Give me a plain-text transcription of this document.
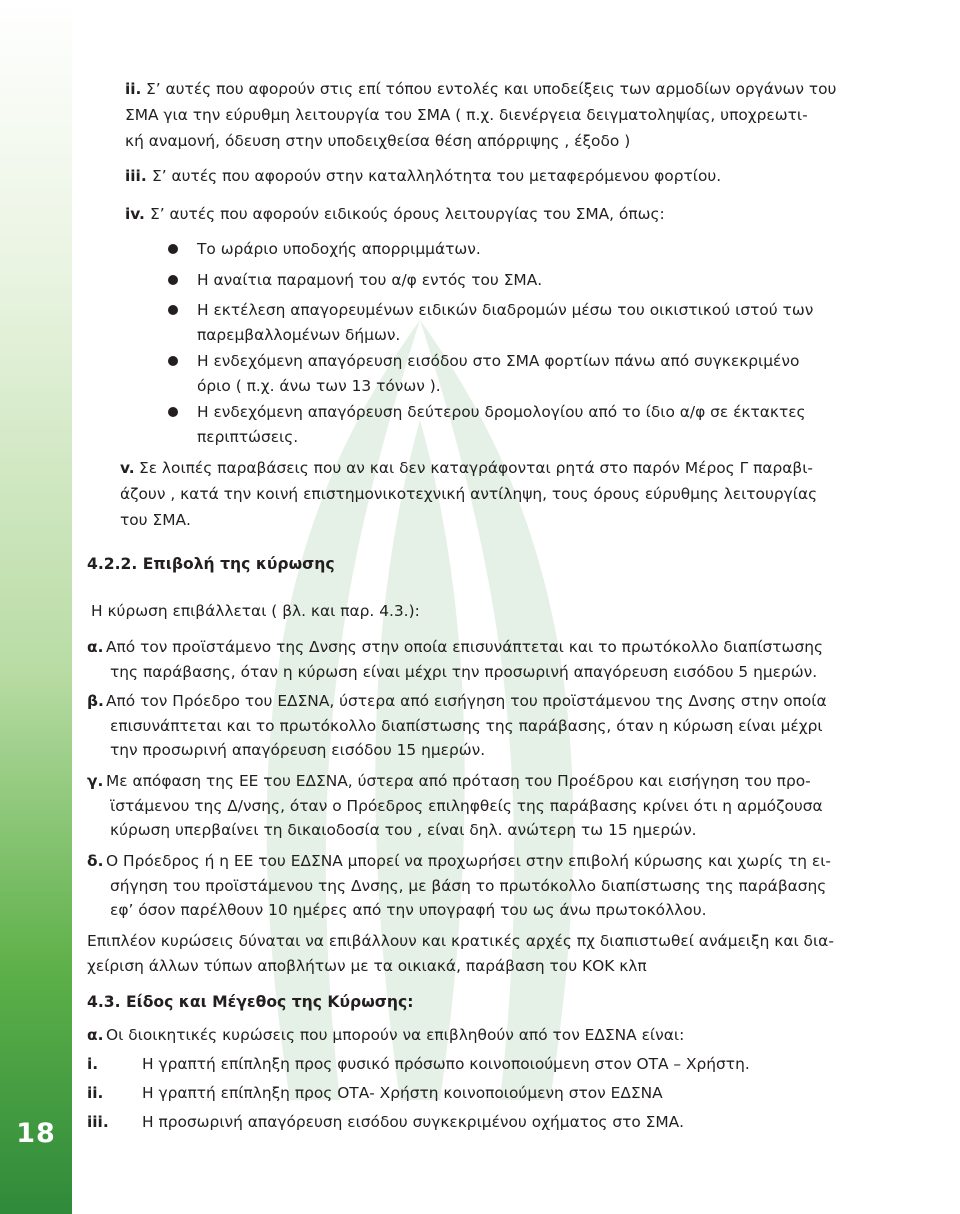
18
ii. Σ’ αυτές που αφορούν στις επί τόπου εντολές και υποδείξεις των αρμοδίων οργάνων του
ΣΜΑ για την εύρυθμη λειτουργία του ΣΜΑ ( π.χ. διενέργεια δειγματοληψίας, υποχρεωτι-
κή αναμονή, όδευση στην υποδειχθείσα θέση απόρριψης , έξοδο )
iii. Σ’ αυτές που αφορούν στην καταλληλότητα του μεταφερόμενου φορτίου.
iv. Σ’ αυτές που αφορούν ειδικούς όρους λειτουργίας του ΣΜΑ, όπως:
Το ωράριο υποδοχής απορριμμάτων.
Η αναίτια παραμονή του α/φ εντός του ΣΜΑ.
Η εκτέλεση απαγορευμένων ειδικών διαδρομών μέσω του οικιστικού ιστού των
παρεμβαλλομένων δήμων.
Η ενδεχόμενη απαγόρευση εισόδου στο ΣΜΑ φορτίων πάνω από συγκεκριμένο
όριο ( π.χ. άνω των 13 τόνων ).
Η ενδεχόμενη απαγόρευση δεύτερου δρομολογίου από το ίδιο α/φ σε έκτακτες
περιπτώσεις.
v. Σε λοιπές παραβάσεις που αν και δεν καταγράφονται ρητά στο παρόν Μέρος Γ παραβι-
άζουν , κατά την κοινή επιστημονικοτεχνική αντίληψη, τους όρους εύρυθμης λειτουργίας
του ΣΜΑ.
4.2.2. Επιβολή της κύρωσης
Η κύρωση επιβάλλεται ( βλ. και παρ. 4.3.):
α. Από τον προϊστάμενο της Δνσης στην οποία επισυνάπτεται και το πρωτόκολλο διαπίστωσης
της παράβασης, όταν η κύρωση είναι μέχρι την προσωρινή απαγόρευση εισόδου 5 ημερών.
β. Από τον Πρόεδρο του ΕΔΣΝΑ, ύστερα από εισήγηση του προϊστάμενου της Δνσης στην οποία
επισυνάπτεται και το πρωτόκολλο διαπίστωσης της παράβασης, όταν η κύρωση είναι μέχρι
την προσωρινή απαγόρευση εισόδου 15 ημερών.
γ. Με απόφαση της ΕΕ του ΕΔΣΝΑ, ύστερα από πρόταση του Προέδρου και εισήγηση του προ-
ϊστάμενου της Δ/νσης, όταν ο Πρόεδρος επιληφθείς της παράβασης κρίνει ότι η αρμόζουσα
κύρωση υπερβαίνει τη δικαιοδοσία του , είναι δηλ. ανώτερη τω 15 ημερών.
δ. Ο Πρόεδρος ή η ΕΕ του ΕΔΣΝΑ μπορεί να προχωρήσει στην επιβολή κύρωσης και χωρίς τη ει-
σήγηση του προϊστάμενου της Δνσης, με βάση το πρωτόκολλο διαπίστωσης της παράβασης
εφ’ όσον παρέλθουν 10 ημέρες από την υπογραφή του ως άνω πρωτοκόλλου.
Επιπλέον κυρώσεις δύναται να επιβάλλουν και κρατικές αρχές πχ διαπιστωθεί ανάμειξη και δια-
χείριση άλλων τύπων αποβλήτων με τα οικιακά, παράβαση του ΚΟΚ κλπ
4.3. Είδος και Μέγεθος της Κύρωσης:
α. Οι διοικητικές κυρώσεις που μπορούν να επιβληθούν από τον ΕΔΣΝΑ είναι:
i.	Η γραπτή επίπληξη προς φυσικό πρόσωπο κοινοποιούμενη στον ΟΤΑ – Χρήστη.
ii.	Η γραπτή επίπληξη προς ΟΤΑ- Χρήστη κοινοποιούμενη στον ΕΔΣΝΑ
iii. Η προσωρινή απαγόρευση εισόδου συγκεκριμένου οχήματος στο ΣΜΑ.
